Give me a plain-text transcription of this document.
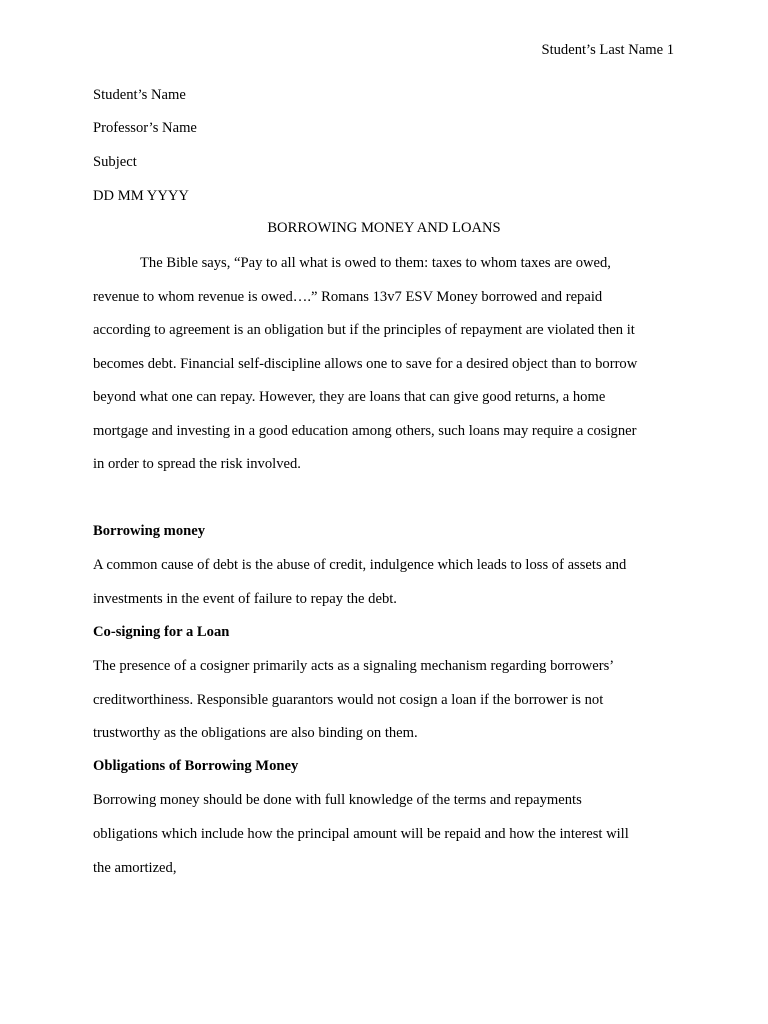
Student’s Last Name 1
Student’s Name
Professor’s Name
Subject
DD MM YYYY
BORROWING MONEY AND LOANS
The Bible says, “Pay to all what is owed to them: taxes to whom taxes are owed,
revenue to whom revenue is owed….” Romans 13v7 ESV Money borrowed and repaid
according to agreement is an obligation but if the principles of repayment are violated then it
becomes debt. Financial self-discipline allows one to save for a desired object than to borrow
beyond what one can repay. However, they are loans that can give good returns, a home
mortgage and investing in a good education among others, such loans may require a cosigner
in order to spread the risk involved.
Borrowing money
A common cause of debt is the abuse of credit, indulgence which leads to loss of assets and
investments in the event of failure to repay the debt.
Co-signing for a Loan
The presence of a cosigner primarily acts as a signaling mechanism regarding borrowers’
creditworthiness. Responsible guarantors would not cosign a loan if the borrower is not
trustworthy as the obligations are also binding on them.
Obligations of Borrowing Money
Borrowing money should be done with full knowledge of the terms and repayments
obligations which include how the principal amount will be repaid and how the interest will
the amortized,
